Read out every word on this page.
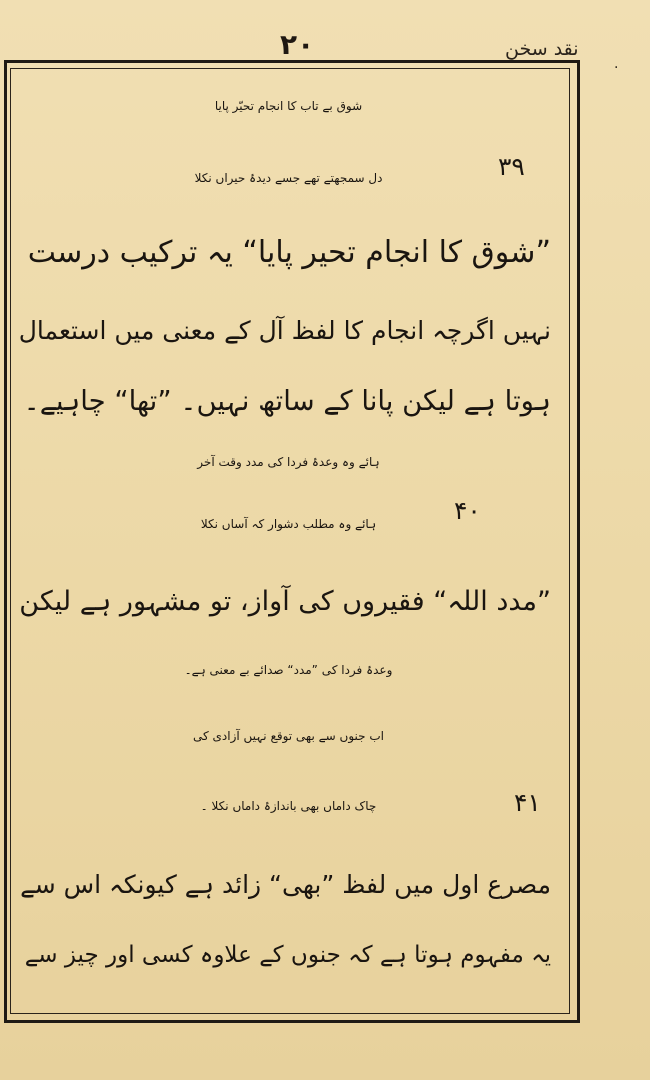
۲۰	نقد سخن
·

شوق بے تاب کا انجام تحیّر پایا

۳۹

دل سمجھتے تھے جسے دیدۂ حیراں نکلا

”شوق کا انجام تحیر پایا“ یہ ترکیب درست

نہیں اگرچہ انجام کا لفظ آل کے معنی میں استعمال

ہوتا ہے لیکن پانا کے ساتھ نہیں۔ ”تھا“ چاہیے۔

ہائے وہ وعدۂ فردا کی مدد وقت آخر

۴۰

ہائے وہ مطلب دشوار کہ آساں نکلا

”مدد اللہ“ فقیروں کی آواز، تو مشہور ہے لیکن

وعدۂ فردا کی ”مدد“ صدائے بے معنی ہے۔

اب جنوں سے بھی توقع نہیں آزادی کی

۴۱

چاک داماں بھی باندازۂ داماں نکلا ۔

مصرع اول میں لفظ ”بھی“ زائد ہے کیونکہ اس سے

یہ مفہوم ہوتا ہے کہ جنوں کے علاوہ کسی اور چیز سے
